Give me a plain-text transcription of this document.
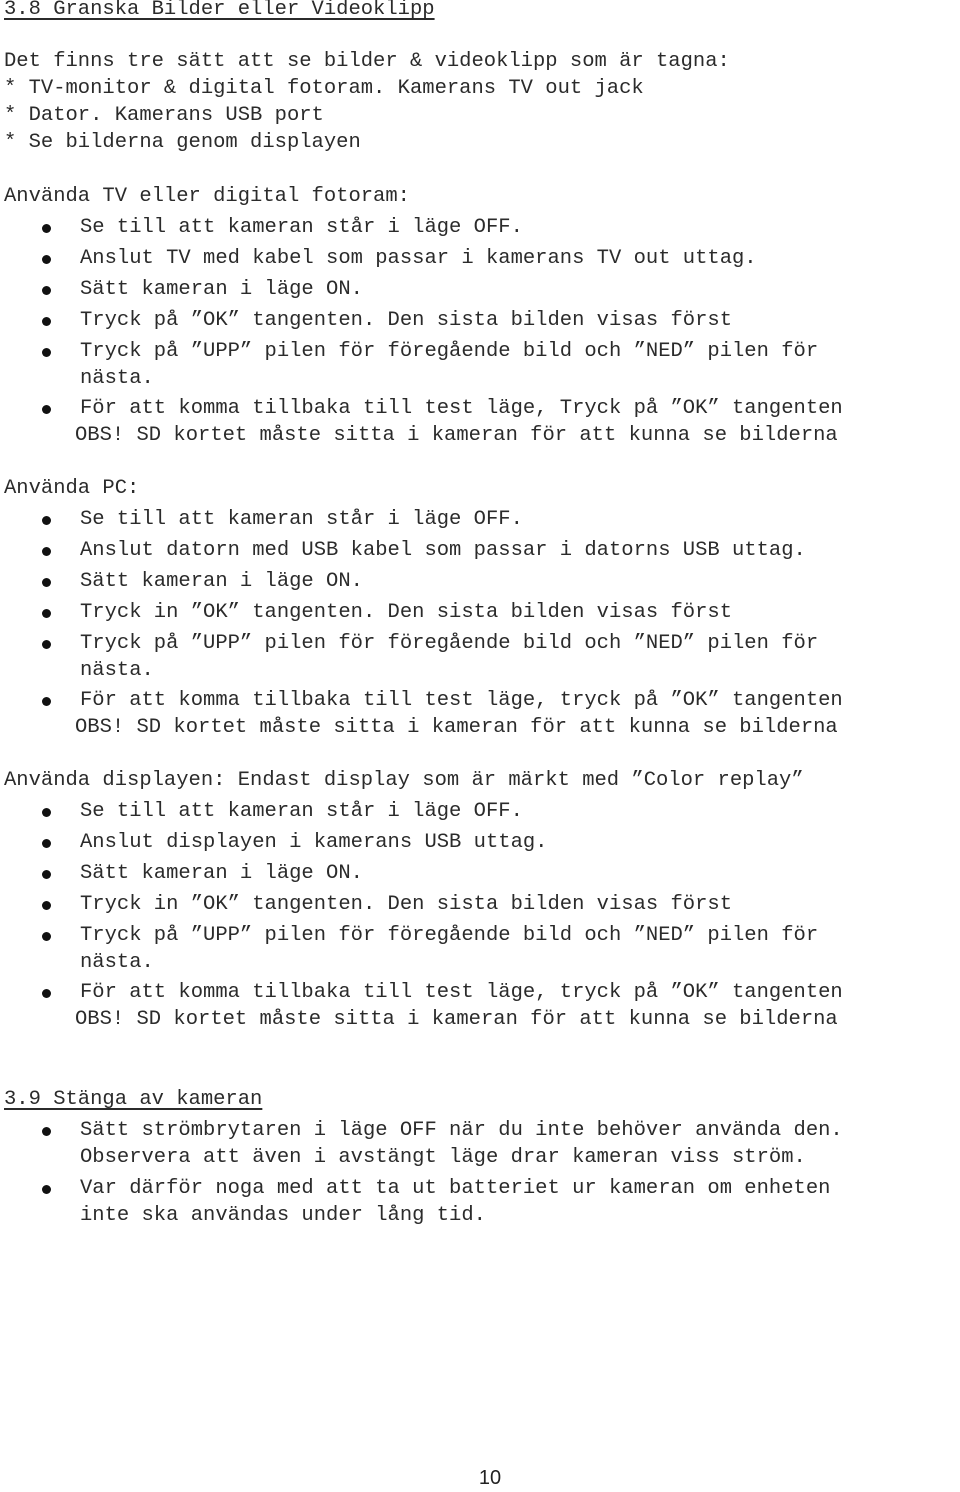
3.8 Granska Bilder eller Videoklipp
Det finns tre sätt att se bilder & videoklipp som är tagna:
* TV-monitor & digital fotoram. Kamerans TV out jack
* Dator. Kamerans USB port
* Se bilderna genom displayen
Använda TV eller digital fotoram:
Se till att kameran står i läge OFF.
Anslut TV med kabel som passar i kamerans TV out uttag.
Sätt kameran i läge ON.
Tryck på ”OK” tangenten. Den sista bilden visas först
Tryck på ”UPP” pilen för föregående bild och ”NED” pilen för
nästa.
För att komma tillbaka till test läge, Tryck på ”OK” tangenten
OBS! SD kortet måste sitta i kameran för att kunna se bilderna
Använda PC:
Se till att kameran står i läge OFF.
Anslut datorn med USB kabel som passar i datorns USB uttag.
Sätt kameran i läge ON.
Tryck in ”OK” tangenten. Den sista bilden visas först
Tryck på ”UPP” pilen för föregående bild och ”NED” pilen för
nästa.
För att komma tillbaka till test läge, tryck på ”OK” tangenten
OBS! SD kortet måste sitta i kameran för att kunna se bilderna
Använda displayen: Endast display som är märkt med ”Color replay”
Se till att kameran står i läge OFF.
Anslut displayen i kamerans USB uttag.
Sätt kameran i läge ON.
Tryck in ”OK” tangenten. Den sista bilden visas först
Tryck på ”UPP” pilen för föregående bild och ”NED” pilen för
nästa.
För att komma tillbaka till test läge, tryck på ”OK” tangenten
OBS! SD kortet måste sitta i kameran för att kunna se bilderna
3.9 Stänga av kameran
Sätt strömbrytaren i läge OFF när du inte behöver använda den.
Observera att även i avstängt läge drar kameran viss ström.
Var därför noga med att ta ut batteriet ur kameran om enheten
inte ska användas under lång tid.
10
